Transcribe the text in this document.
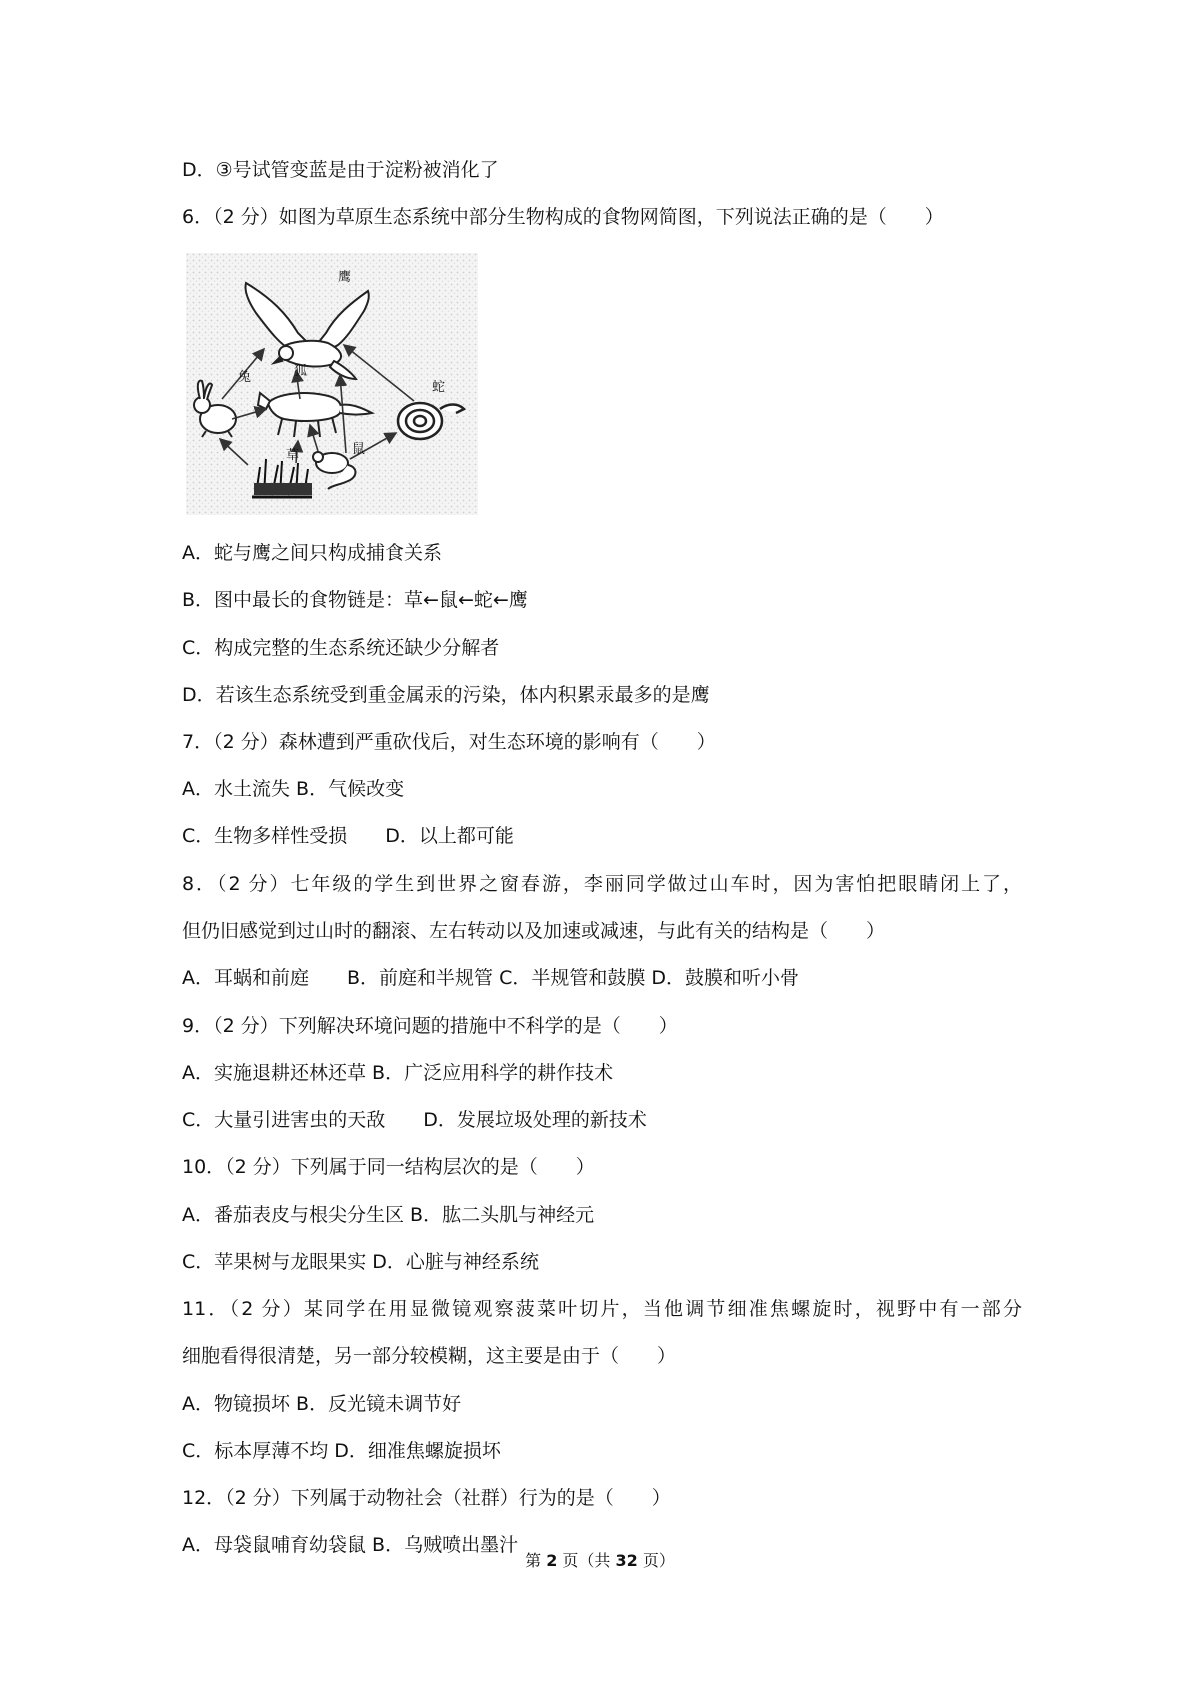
D．③号试管变蓝是由于淀粉被消化了
6．（2 分）如图为草原生态系统中部分生物构成的食物网简图，下列说法正确的是（　　）
鹰
兔	狐
蛇
鼠
草
A．蛇与鹰之间只构成捕食关系
B．图中最长的食物链是：草←鼠←蛇←鹰
C．构成完整的生态系统还缺少分解者
D．若该生态系统受到重金属汞的污染，体内积累汞最多的是鹰
7．（2 分）森林遭到严重砍伐后，对生态环境的影响有（　　）
A．水土流失 B．气候改变
C．生物多样性受损　　D．以上都可能
8．（2 分）七年级的学生到世界之窗春游，李丽同学做过山车时，因为害怕把眼睛闭上了，
但仍旧感觉到过山时的翻滚、左右转动以及加速或减速，与此有关的结构是（　　）
A．耳蜗和前庭　　B．前庭和半规管 C．半规管和鼓膜 D．鼓膜和听小骨
9．（2 分）下列解决环境问题的措施中不科学的是（　　）
A．实施退耕还林还草 B．广泛应用科学的耕作技术
C．大量引进害虫的天敌　　D．发展垃圾处理的新技术
10．（2 分）下列属于同一结构层次的是（　　）
A．番茄表皮与根尖分生区 B．肱二头肌与神经元
C．苹果树与龙眼果实 D．心脏与神经系统
11．（2 分）某同学在用显微镜观察菠菜叶切片，当他调节细准焦螺旋时，视野中有一部分
细胞看得很清楚，另一部分较模糊，这主要是由于（　　）
A．物镜损坏 B．反光镜未调节好
C．标本厚薄不均 D．细准焦螺旋损坏
12．（2 分）下列属于动物社会（社群）行为的是（　　）
A．母袋鼠哺育幼袋鼠 B．乌贼喷出墨汁
第 2 页（共 32 页）
